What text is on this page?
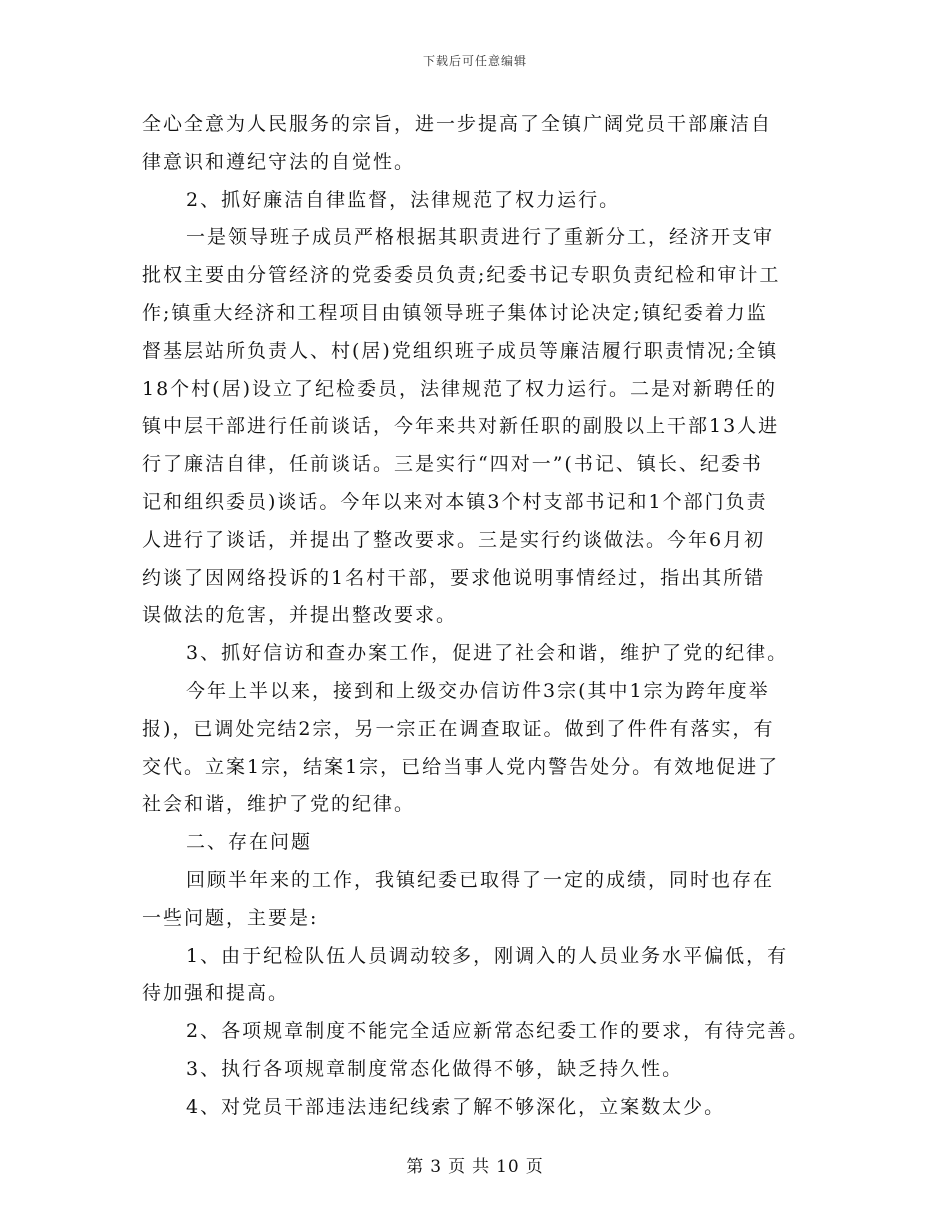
下载后可任意编辑
全心全意为人民服务的宗旨，进一步提高了全镇广阔党员干部廉洁自
律意识和遵纪守法的自觉性。
2、抓好廉洁自律监督，法律规范了权力运行。
一是领导班子成员严格根据其职责进行了重新分工，经济开支审
批权主要由分管经济的党委委员负责;纪委书记专职负责纪检和审计工
作;镇重大经济和工程项目由镇领导班子集体讨论决定;镇纪委着力监
督基层站所负责人、村(居)党组织班子成员等廉洁履行职责情况;全镇
18个村(居)设立了纪检委员，法律规范了权力运行。二是对新聘任的
镇中层干部进行任前谈话，今年来共对新任职的副股以上干部13人进
行了廉洁自律，任前谈话。三是实行“四对一”(书记、镇长、纪委书
记和组织委员)谈话。今年以来对本镇3个村支部书记和1个部门负责
人进行了谈话，并提出了整改要求。三是实行约谈做法。今年6月初
约谈了因网络投诉的1名村干部，要求他说明事情经过，指出其所错
误做法的危害，并提出整改要求。
3、抓好信访和查办案工作，促进了社会和谐，维护了党的纪律。
今年上半以来，接到和上级交办信访件3宗(其中1宗为跨年度举
报)，已调处完结2宗，另一宗正在调查取证。做到了件件有落实，有
交代。立案1宗，结案1宗，已给当事人党内警告处分。有效地促进了
社会和谐，维护了党的纪律。
二、存在问题
回顾半年来的工作，我镇纪委已取得了一定的成绩，同时也存在
一些问题，主要是:
1、由于纪检队伍人员调动较多，刚调入的人员业务水平偏低，有
待加强和提高。
2、各项规章制度不能完全适应新常态纪委工作的要求，有待完善。
3、执行各项规章制度常态化做得不够，缺乏持久性。
4、对党员干部违法违纪线索了解不够深化，立案数太少。
第 3 页 共 10 页
